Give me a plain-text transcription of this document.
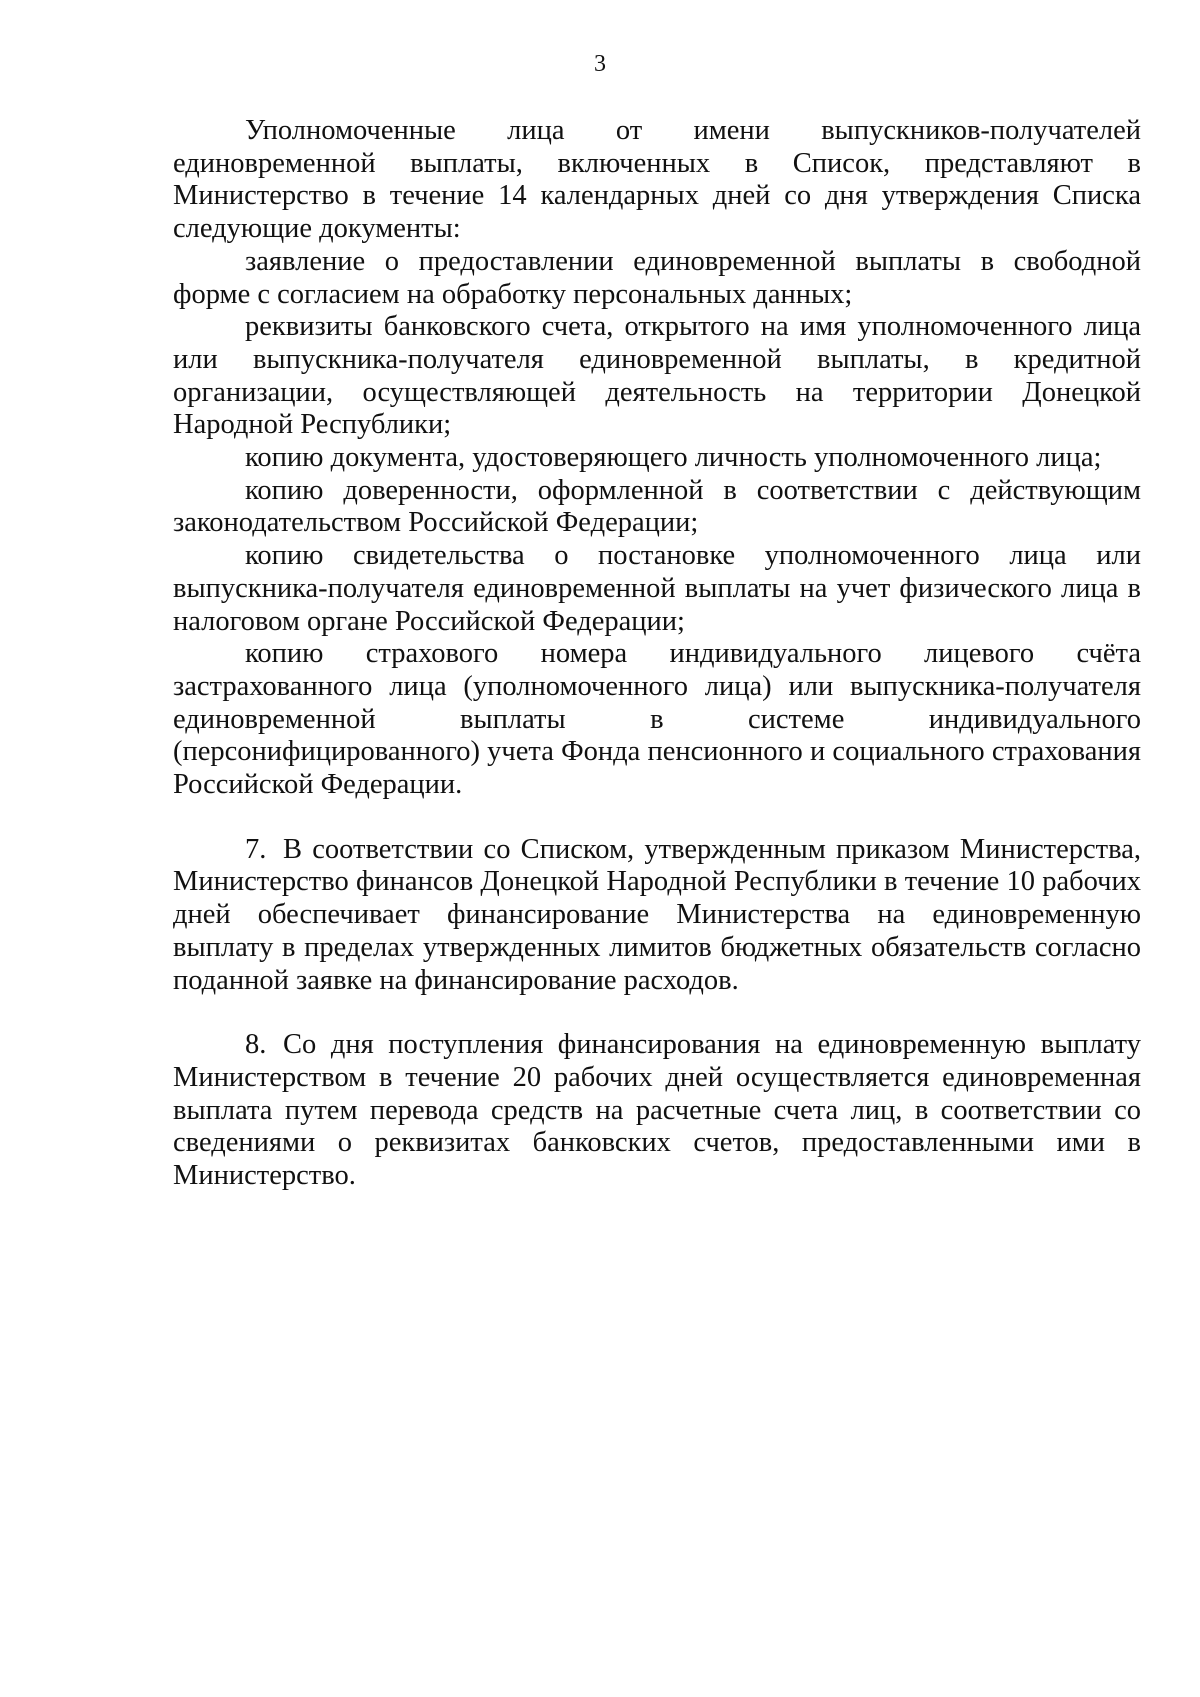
3

Уполномоченные лица от имени выпускников-получателей единовременной выплаты, включенных в Список, представляют в Министерство в течение 14 календарных дней со дня утверждения Списка следующие документы:

заявление о предоставлении единовременной выплаты в свободной форме с согласием на обработку персональных данных;

реквизиты банковского счета, открытого на имя уполномоченного лица или выпускника-получателя единовременной выплаты, в кредитной организации, осуществляющей деятельность на территории Донецкой Народной Республики;

копию документа, удостоверяющего личность уполномоченного лица;

копию доверенности, оформленной в соответствии с действующим законодательством Российской Федерации;

копию свидетельства о постановке уполномоченного лица или выпускника-получателя единовременной выплаты на учет физического лица в налоговом органе Российской Федерации;

копию страхового номера индивидуального лицевого счёта застрахованного лица (уполномоченного лица) или выпускника-получателя единовременной выплаты в системе индивидуального (персонифицированного) учета Фонда пенсионного и социального страхования Российской Федерации.

7. В соответствии со Списком, утвержденным приказом Министерства, Министерство финансов Донецкой Народной Республики в течение 10 рабочих дней обеспечивает финансирование Министерства на единовременную выплату в пределах утвержденных лимитов бюджетных обязательств согласно поданной заявке на финансирование расходов.

8. Со дня поступления финансирования на единовременную выплату Министерством в течение 20 рабочих дней осуществляется единовременная выплата путем перевода средств на расчетные счета лиц, в соответствии со сведениями о реквизитах банковских счетов, предоставленными ими в Министерство.
